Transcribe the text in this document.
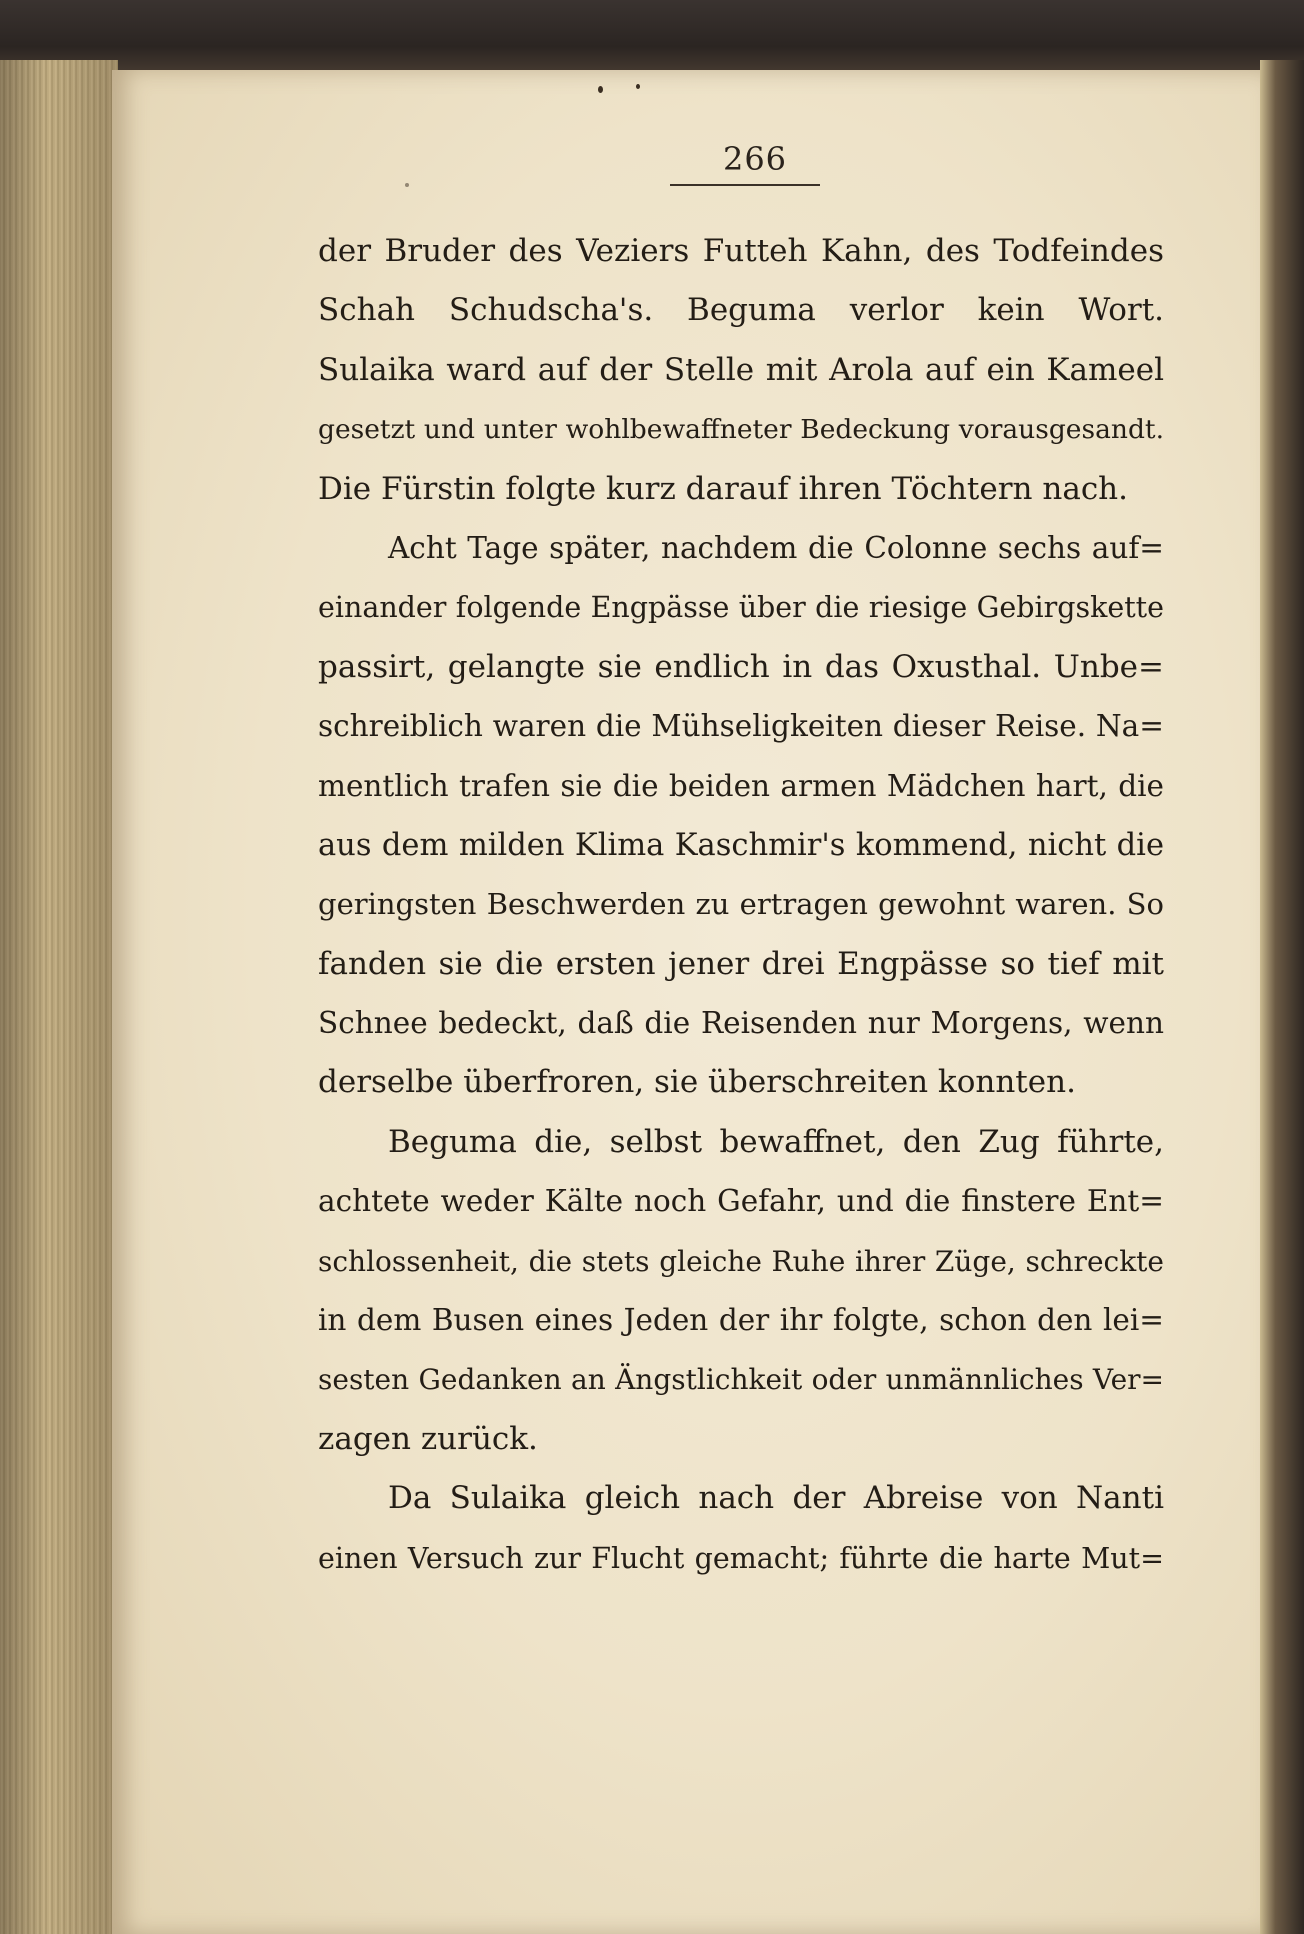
266
der Bruder des Veziers Futteh Kahn, des Todfeindes
Schah Schudscha's. Beguma verlor kein Wort.
Sulaika ward auf der Stelle mit Arola auf ein Kameel
gesetzt und unter wohlbewaffneter Bedeckung vorausgesandt.
Die Fürstin folgte kurz darauf ihren Töchtern nach.
Acht Tage später, nachdem die Colonne sechs auf=
einander folgende Engpässe über die riesige Gebirgskette
passirt, gelangte sie endlich in das Oxusthal. Unbe=
schreiblich waren die Mühseligkeiten dieser Reise. Na=
mentlich trafen sie die beiden armen Mädchen hart, die
aus dem milden Klima Kaschmir's kommend, nicht die
geringsten Beschwerden zu ertragen gewohnt waren. So
fanden sie die ersten jener drei Engpässe so tief mit
Schnee bedeckt, daß die Reisenden nur Morgens, wenn
derselbe überfroren, sie überschreiten konnten.
Beguma die, selbst bewaffnet, den Zug führte,
achtete weder Kälte noch Gefahr, und die finstere Ent=
schlossenheit, die stets gleiche Ruhe ihrer Züge, schreckte
in dem Busen eines Jeden der ihr folgte, schon den lei=
sesten Gedanken an Ängstlichkeit oder unmännliches Ver=
zagen zurück.
Da Sulaika gleich nach der Abreise von Nanti
einen Versuch zur Flucht gemacht; führte die harte Mut=
